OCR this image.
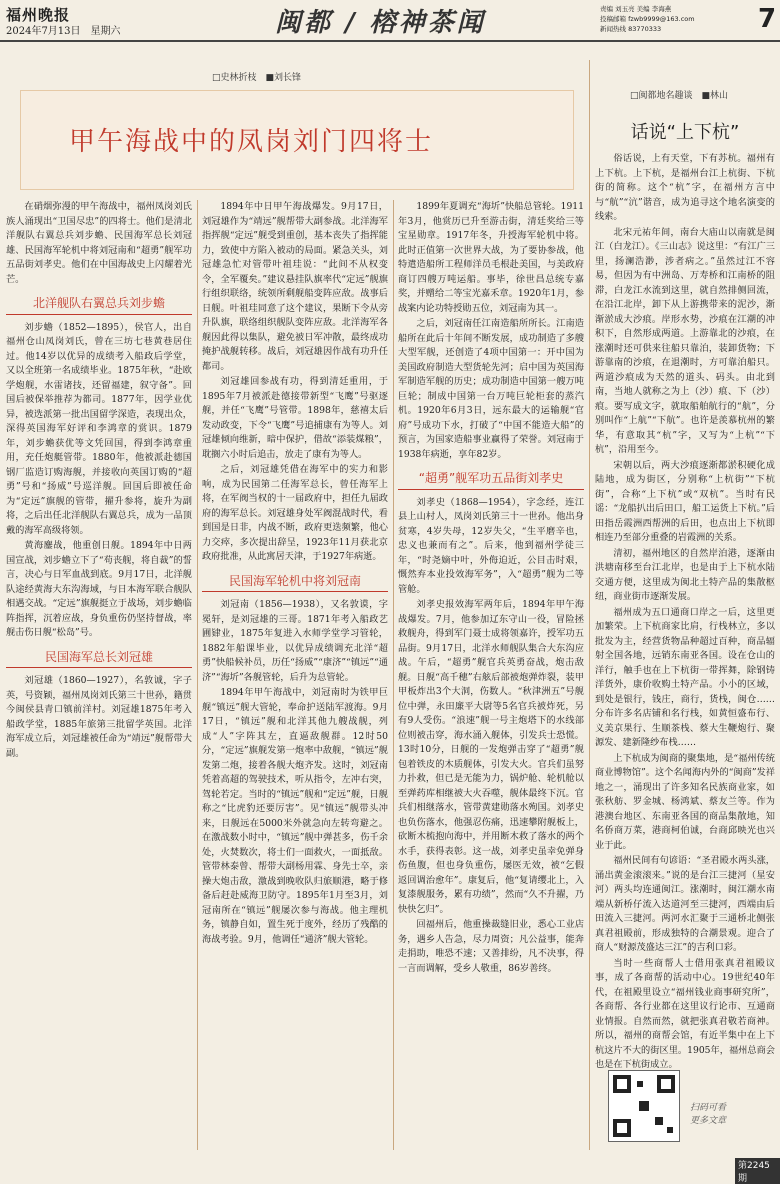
福州晚报
2024年7月13日　星期六	闽都 / 榕神茶闻	责编 刘玉亮 美编 李海燕
投稿邮箱 fzwb9999@163.com
新闻热线 83770333	7
□史林折枝　■刘长锋
甲午海战中的凤岗刘门四将士

在硝烟弥漫的甲午海战中，福州凤岗刘氏族人涌现出“卫国尽忠”的四将士。他们是清北洋舰队右翼总兵刘步蟾、民国海军总长刘冠雄、民国海军轮机中将刘冠南和“超勇”舰军功五品街刘孝史。他们在中国海战史上闪耀着光芒。

北洋舰队右翼总兵刘步蟾

刘步蟾（1852—1895），侯官人，出自福州仓山凤岗刘氏，曾在三坊七巷黄巷居住过。他14岁以优异的成绩考入船政后学堂，又以全班第一名成绩毕业。1875年秋，“赴欧学炮舰，水雷诸技，还留福建，叙守备”。回国后被保举推荐为都司。1877年，因学业优异，被选派第一批出国留学深造，表现出众，深得英国海军好评和李鸿章的赏识。1879年，刘步蟾获优等文凭回国，得到李鸿章重用，充任炮艇管带。1880年，他被派赴德国钢厂监造订购海舰，并接收向英国订购的“超勇”号和“扬威”号巡洋舰。回国后即被任命为“定远”旗舰的管带，擢升参将，旋升为副将，之后出任北洋舰队右翼总兵，成为一品顶戴的海军高级将领。

黄海鏖战，他重创日舰。1894年中日两国宣战，刘步蟾立下了“苟丧舰，将自裁”的誓言，决心与日军血战到底。9月17日，北洋舰队途经黄海大东沟海域，与日本海军联合舰队相遇交战。“定远”旗舰挺立于战场，刘步蟾临阵指挥，沉着应战，身负重伤仍坚持督战，率舰击伤日舰“松岛”号。

民国海军总长刘冠雄

刘冠雄（1860—1927），名敦诚，字子英，号资颖，福州凤岗刘氏第三十世孙，籍贯今闽侯县青口镇前洋村。刘冠雄1875年考入船政学堂，1885年旅第三批留学英国。北洋海军成立后，刘冠雄被任命为“靖远”舰帮带大副。

1894年中日甲午海战爆发。9月17日，刘冠雄作为“靖远”舰帮带大副参战。北洋海军指挥舰“定远”舰受到重创，基本丧失了指挥能力，致使中方陷入被动的局面。紧急关头，刘冠雄急忙对管带叶祖珪说：“此间不从权变令，全军覆矣。”建议悬挂队旗率代“定远”舰旗行组织联络，统领所剩舰船变阵应敌。战事后日舰。叶祖珪同意了这个建议，果断下令从旁升队旗，联络组织舰队变阵应敌。北洋海军各舰因此得以集队，避免被日军冲散，最终成功掩护战舰转移。战后，刘冠雄因作战有功升任都司。

刘冠雄回参战有功，得到清廷重用，于1895年7月被派赴德接带新型“飞鹰”号驱逐舰，并任“飞鹰”号管带。1898年，慈禧太后发动政变，下令“飞鹰”号追捕康有为等人。刘冠雄倾向维新，暗中保护，借故“添装煤粮”，耽搁六小时后追击，放走了康有为等人。

之后，刘冠雄凭借在海军中的实力和影响，成为民国第二任海军总长，曾任海军上将，在军阀当权的十一届政府中，担任九届政府的海军总长。刘冠雄身处军阀混战时代，看到国是日非，内战不断，政府更迭频繁，他心力交瘁，多次提出辞呈，1923年11月获北京政府批准，从此寓居天津，于1927年病逝。

民国海军轮机中将刘冠南

刘冠南（1856—1938），又名敦谟，字冕轩，是刘冠雄的三哥。1871年考入船政艺圃肄业，1875年复进入水师学堂学习管轮，1882年船课毕业，以优异成绩调充北洋“超勇”快船候补员，历任“扬威”“康济”“镇远”“通济”“海圻”各舰管轮，后升为总管轮。

1894年甲午海战中，刘冠南时为铁甲巨舰“镇远”舰大管轮，奉命护送陆军渡海。9月17日，“镇远”舰和北洋其他九艘战舰，列成“人”字阵其左，直逼敌舰群。12时50分，“定远”旗舰发第一炮率中敌舰，“镇远”舰发第二炮，接着各舰大炮齐发。这时，刘冠南凭着高超的驾驶技术，听从指令，左冲右突，驾轮若定。当时的“镇远”舰和“定远”舰，日舰称之“比虎豹还要厉害”。见“镇远”舰带头冲来，日舰远在5000米外就急向左转弯避之。在激战数小时中，“镇远”舰中弹甚多，伤千余处，火焚数次，将士们一面救火，一面抵敌。管带林泰曾、帮带大副杨用霖、身先士卒，亲操大炮击敌，激战到晚收队归旅顺港，略于修备后赶赴威海卫防守。1895年1月至3月，刘冠南所在“镇远”舰屡次参与海战。他主理机务，镇静自如，置生死于度外，经历了残酷的海战考验。9月，他调任“通济”舰大管轮。

1899年夏调充“海圻”快船总管轮。1911年3月，他赏历已升至游击街，清廷奖给三等宝星勋章。1917年冬，升授海军轮机中将。此时正值第一次世界大战，为了要协参战，他特遣造船所工程师洋员毛根赴美国，与美政府商订四艘万吨运船。事毕，徐世昌总统专嘉奖，并赠给二等宝光嘉禾章。1920年1月，参战案内论功特授勋五位，刘冠南为其一。

之后，刘冠南任江南造船所所长。江南造船所在此后十年间不断发展，成功制造了多艘大型军舰，还创造了4项中国第一：开中国为美国政府制造大型货轮先河；启中国为英国海军制造军舰的历史；成功制造中国第一艘万吨巨轮；制成中国第一台万吨巨轮柜套的蒸汽机。1920年6月3日，远东最大的运输舰“官府”号成功下水，打破了“中国不能造大船”的预言，为国家造船事业赢得了荣誉。刘冠南于1938年病逝，享年82岁。

“超勇”舰军功五品街刘孝史

刘孝史（1868—1954），字念经，连江县上山村人，凤岗刘氏第三十一世孙。他出身贫寒，4岁失母，12岁失父，“生平磨辛也，忠义也兼而有之”。后来，他到福州学徒三年，“时尧嫡中叶，外侮迫近，公目击时艰，慨然弃本业投效海军务”，入“超勇”舰为二等管舱。

刘孝史报效海军两年后，1894年甲午海战爆发。7月，他参加辽东守山一役，冒险拯救舰舟，得到军门聂士成将领嘉许，授军功五品街。9月17日，北洋水师舰队集合大东沟应战。午后，“超勇”舰官兵英勇奋战，炮击敌舰。日舰“高千穗”右舷后部被炮弹炸裂，装甲甲板炸出3个大洞，伤数人。“秋津洲五”号舰位中弹，永田廉平大尉等5名官兵被炸死，另有9人受伤。“浪速”舰一号主炮塔下的水线部位则被击穿，海水涌入舰体，引发兵士恐慌。13时10分，日舰的一发炮弹击穿了“超勇”舰包着铁皮的木质舰体，引发大火。官兵们虽努力扑救，但已是无能为力，锅炉舱、轮机舱以至弹药库相继被大火吞噬，舰体最终下沉。官兵们相继落水，管带黄建勋落水殉国。刘孝史也负伤落水，他强忍伤痛，迅速攀附舰板上，砍断木梳抱向海中，并用断木救了落水的两个水手，获得表彰。这一战，刘孝史虽幸免弹身伤鱼腹，但也身负重伤，屡医无效，被“乞假返回调治愈年”。康复后，他“复请缨北上，入复漆舰服务，累有功绩”，然而“久不升擢，乃快快乞归”。

回福州后，他重操裁缝旧业，悉心工业店务，遇乡人告急，尽力周资；凡公益事，能奔走捐助，唯恐不速；又善排纷，凡不决事，得一言而调解，受乡人敬重，86岁善终。

□闽都地名趣谈　■林山
话说“上下杭”

俗话说，上有天堂，下有苏杭。福州有上下杭。上下杭，是福州台江上杭街、下杭街的简称。这个“杭”字，在福州方言中与“航”“沆”谐音，成为追寻这个地名演变的线索。

北宋元祐年间，南台大庙山以南就是闽江（白龙江）。《三山志》说这里：“有江广三里，扬澜浩渺，涉者病之。”虽然过江不容易，但因为有中洲岛、万寿桥和江南桥的阻滞，白龙江水流到这里，就自然排侧回流，在沿江北岸，卸下从上游携带来的泥沙，渐渐淤成大沙痕。岸形水势，沙痕在江潮的冲积下，自然形成两道。上游靠北的沙痕，在涨潮时还可供来往船只靠泊，装卸货物；下游靠南的沙痕，在退潮时，方可靠泊船只。两道沙痕成为天然的道头、码头。由北到南，当地人就称之为上（沙）痕、下（沙）痕。要写成文字，就取船舶航行的“航”，分别叫作“上航”“下航”。也许是羡慕杭州的繁华，有意取其“杭”字，又写为“上杭”“下杭”，沿用至今。

宋朝以后，两大沙痕逐渐都淤积硬化成陆地，成为街区，分别称“上杭街”“下杭街”，合称“上下杭”或“双杭”。当时有民谣：“龙船扒出后田口，船工运货上下杭。”后田指岳霞洲西帮洲的后田，也点出上下杭即相连乃至部分重叠的岩霞洲的关系。

清初，福州地区的自然岸泊港，逐渐由洪塘南移至台江北岸，也是由于上下杭水陆交通方便，这里成为闽北土特产品的集散枢纽，商业街市逐渐发展。

福州成为五口通商口岸之一后，这里更加繁荣。上下杭商家比肩，行栈林立，多以批发为主，经营货物品种超过百种，商品辐射全国各地，远销东南亚各国。设在仓山的洋行，触手也在上下杭街一带挥舞，除钢铸洋货外，康价收购土特产品。小小的区域，到处是银行，钱庄，商行，货栈，闽仓……分布许多名店铺和名行栈，如黄恒盛布行、义美京果行、生顺茶栈、蔡大生鞭炮行、聚源发、建新隆纱布栈……

上下杭成为闽商的聚集地，是“福州传统商业博物馆”。这个名闻海内外的“闽商”发祥地之一，涌现出了许多知名民族商业家，如张秋舫、罗金城、杨鸿斌、蔡友兰等。作为港澳台地区、东南亚各国的商品集散地，知名侨商万菜，港商柯伯诚，台商邱映光也兴业于此。

福州民间有句谚语：“圣君殿水两头涨，涌出黄金滚滚来。”说的是台江三捷河（星安河）两头均连通闽江。涨潮时，闽江潮水南端从新桥仔流入达道河至三捷河，西端由后田流入三捷河。两河水汇聚于三通桥北侧张真君祖殿前，形成独特的合潮景观。迎合了商人“财源茂盛达三江”的吉利口彩。

当时一些商帮人士借用张真君祖殿议事，成了各商帮的活动中心。19世纪40年代，在祖殿里设立“福州钱业商事研究所”，各商帮、各行业都在这里议行论市、互通商业情报。自然而然，就把张真君敬若商神。所以，福州的商帮会馆，有近半集中在上下杭这片不大的街区里。1905年，福州总商会也是在下杭街成立。

扫码可看
更多文章
第2245期
